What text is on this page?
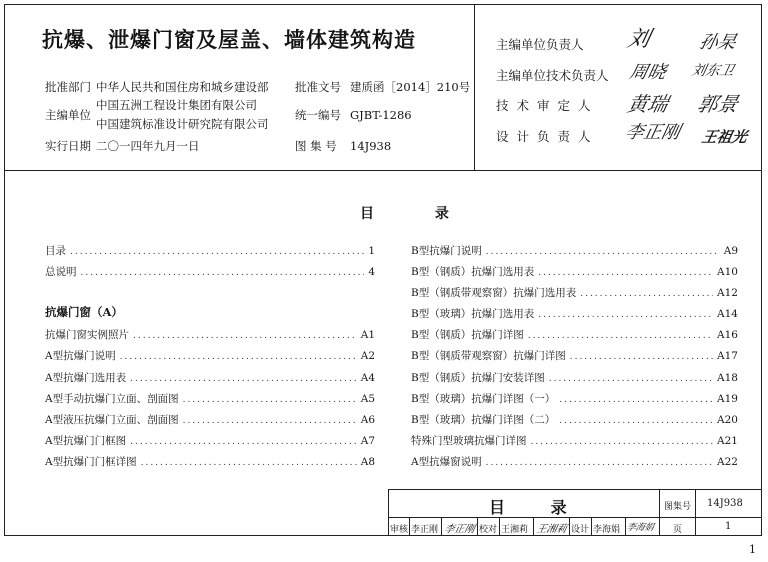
抗爆、泄爆门窗及屋盖、墙体建筑构造
批准部门 中华人民共和国住房和城乡建设部 批准文号 建质函［2014］210号
主编单位
中国五洲工程设计集团有限公司
中国建筑标准设计研究院有限公司
统一编号 GJBT-1286
实行日期 二〇一四年九月一日	图 集 号 14J938
主编单位负责人 刘	孙杲
主编单位技术负责人 周晓 刘东卫
技术审定人 黄瑞 郭景
设计负责人 李正刚 王祖光
目	录
目录 .....	1
总说明 .....	4
抗爆门窗（A）
抗爆门窗实例照片 .....	A1
A型抗爆门说明 .....	A2
A型抗爆门选用表 .....	A4
A型手动抗爆门立面、剖面图 .....	A5
A型液压抗爆门立面、剖面图 .....	A6
A型抗爆门门框图 .....	A7
A型抗爆门门框详图 .....	A8
B型抗爆门说明 .....	A9
B型（钢质）抗爆门选用表 .....	A10
B型（钢质带观察窗）抗爆门选用表 .....	A12
B型（玻璃）抗爆门选用表 .....	A14
B型（钢质）抗爆门详图 .....	A16
B型（钢质带观察窗）抗爆门详图 .....	A17
B型（钢质）抗爆门安装详图 .....	A18
B型（玻璃）抗爆门详图（一） .....	A19
B型（玻璃）抗爆门详图（二） .....	A20
特殊门型玻璃抗爆门详图 .....	A21
A型抗爆窗说明 .....	A22
目	录	图集号 14J938
页	1
审核 李正刚 李正刚 校对 王湘莉 王湘莉 设计 李海娟 李海娟
1
